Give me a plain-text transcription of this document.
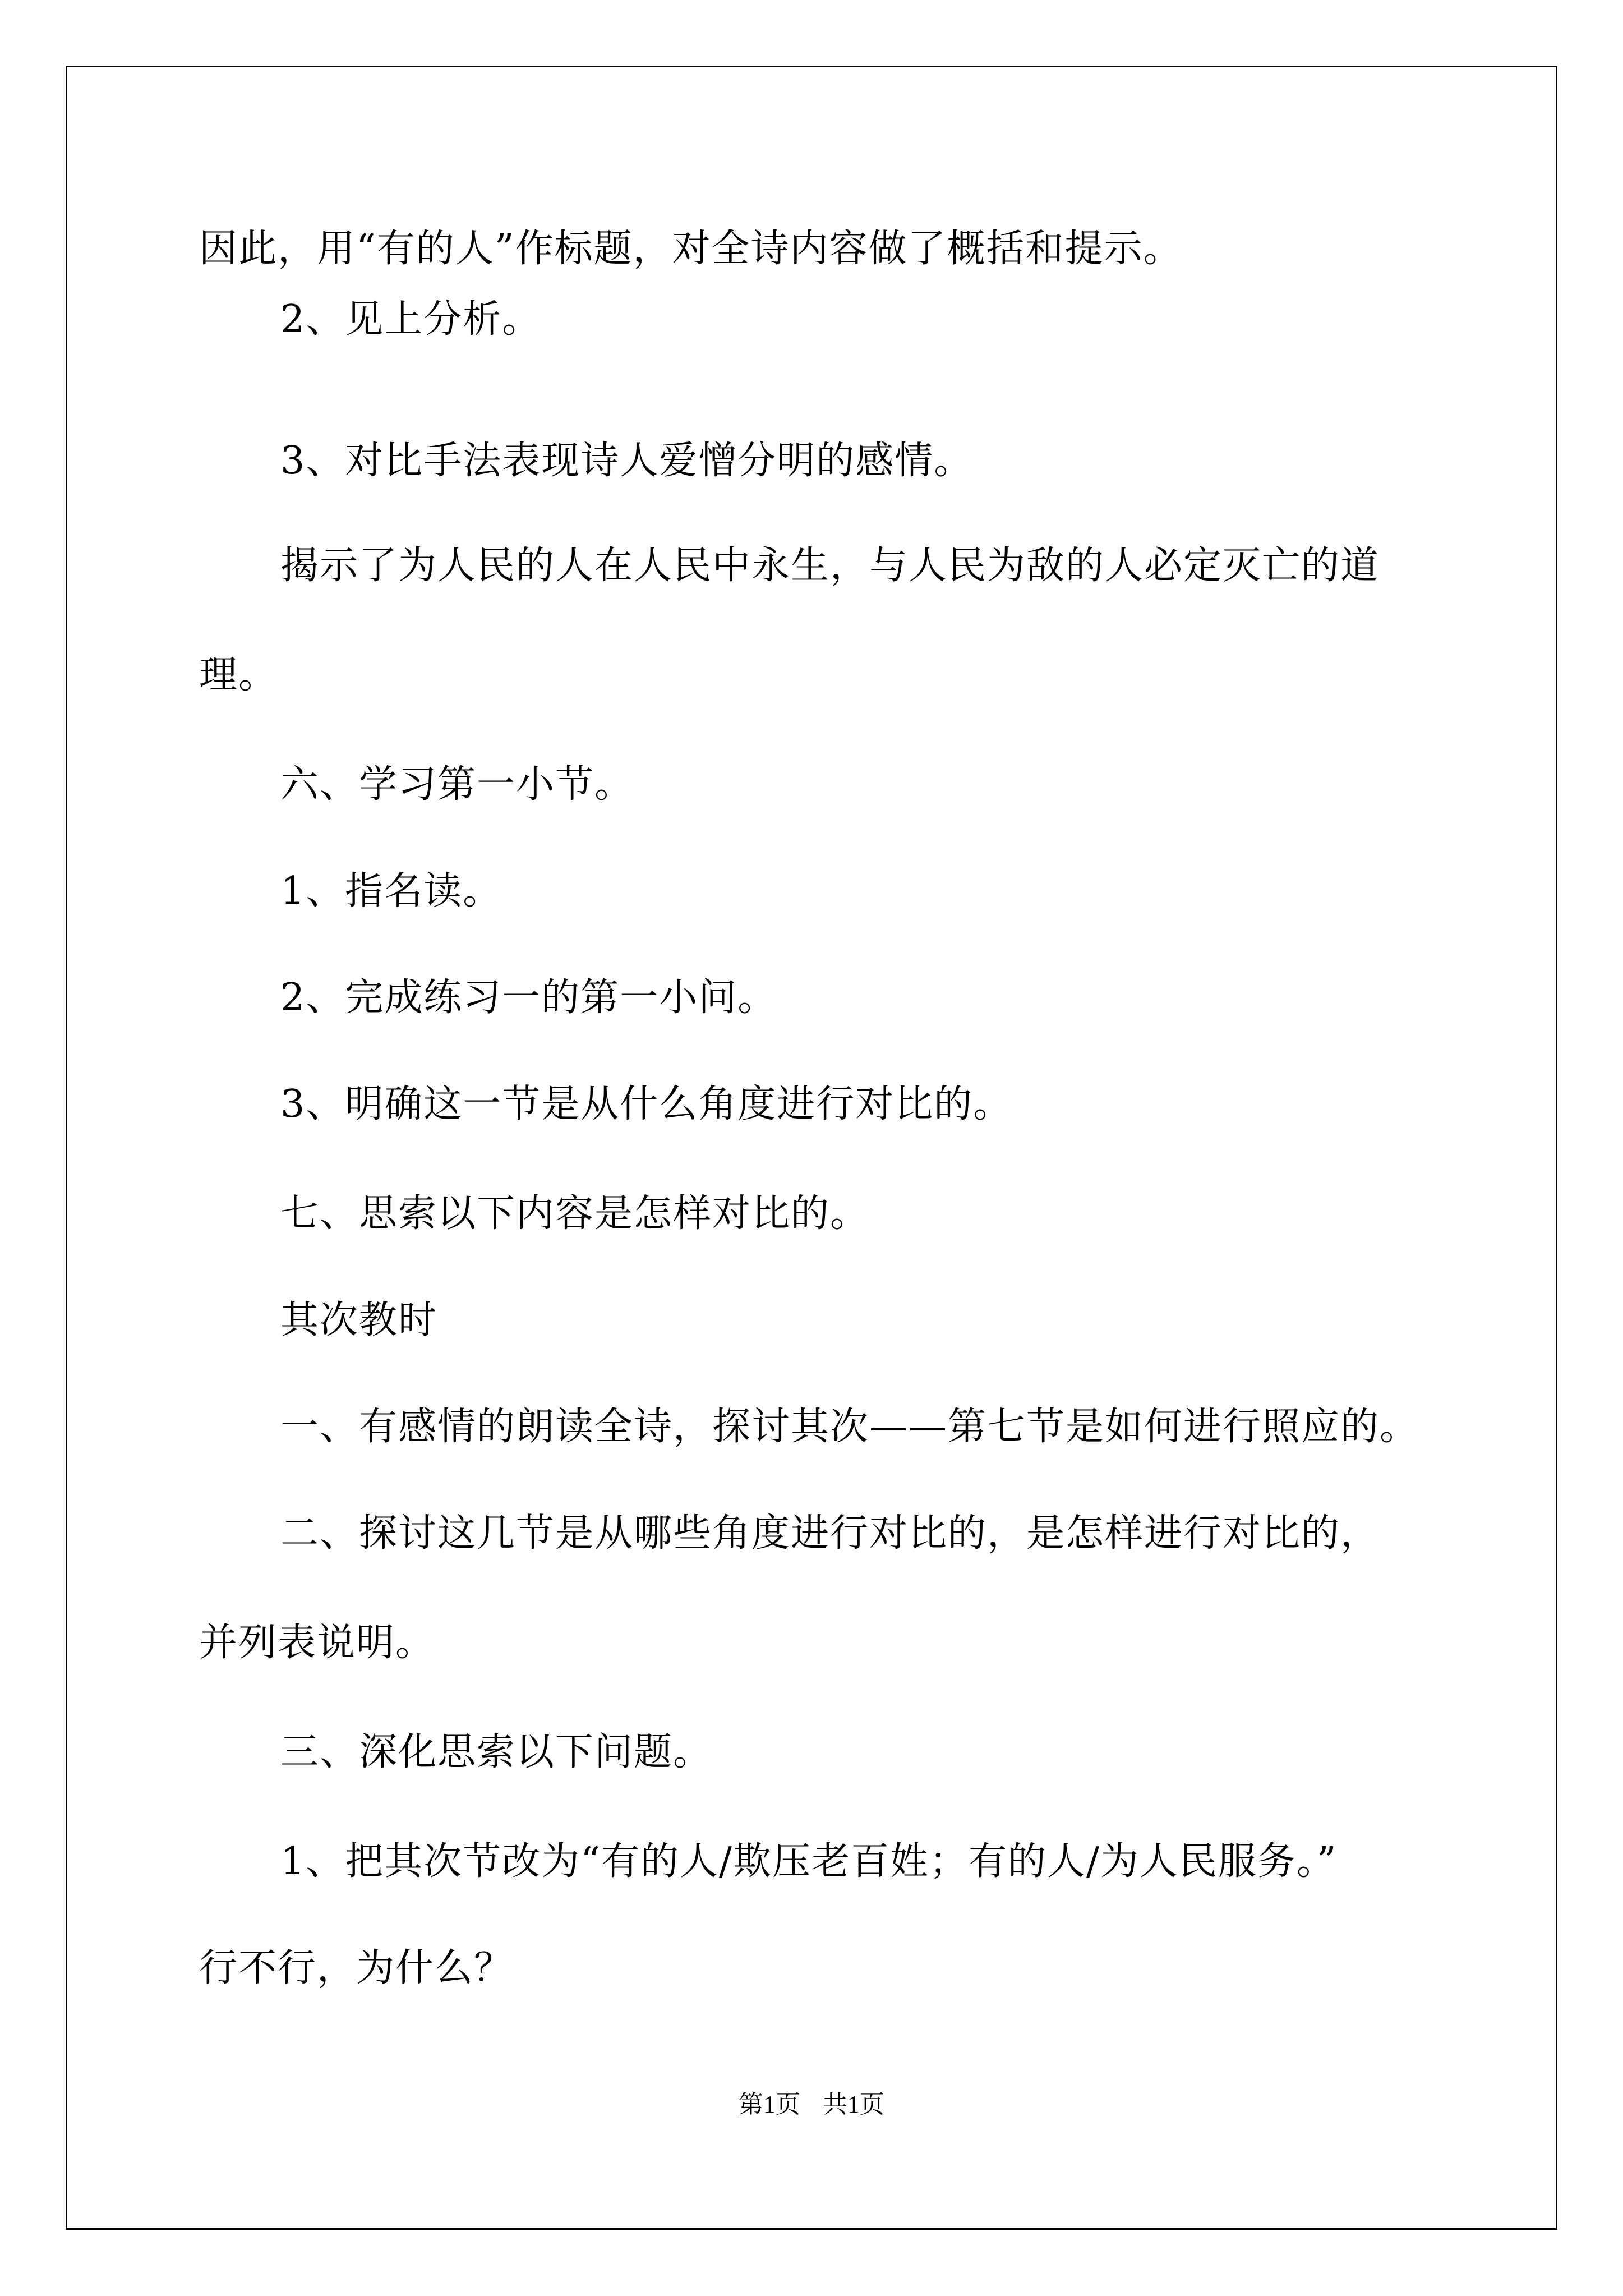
因此，用“有的人”作标题，对全诗内容做了概括和提示。
2、见上分析。
3、对比手法表现诗人爱憎分明的感情。
揭示了为人民的人在人民中永生，与人民为敌的人必定灭亡的道
理。
六、学习第一小节。
1、指名读。
2、完成练习一的第一小问。
3、明确这一节是从什么角度进行对比的。
七、思索以下内容是怎样对比的。
其次教时
一、有感情的朗读全诗，探讨其次——第七节是如何进行照应的。
二、探讨这几节是从哪些角度进行对比的，是怎样进行对比的，
并列表说明。
三、深化思索以下问题。
1、把其次节改为“有的人/欺压老百姓；有的人/为人民服务。”
行不行，为什么？
第1页 共1页
